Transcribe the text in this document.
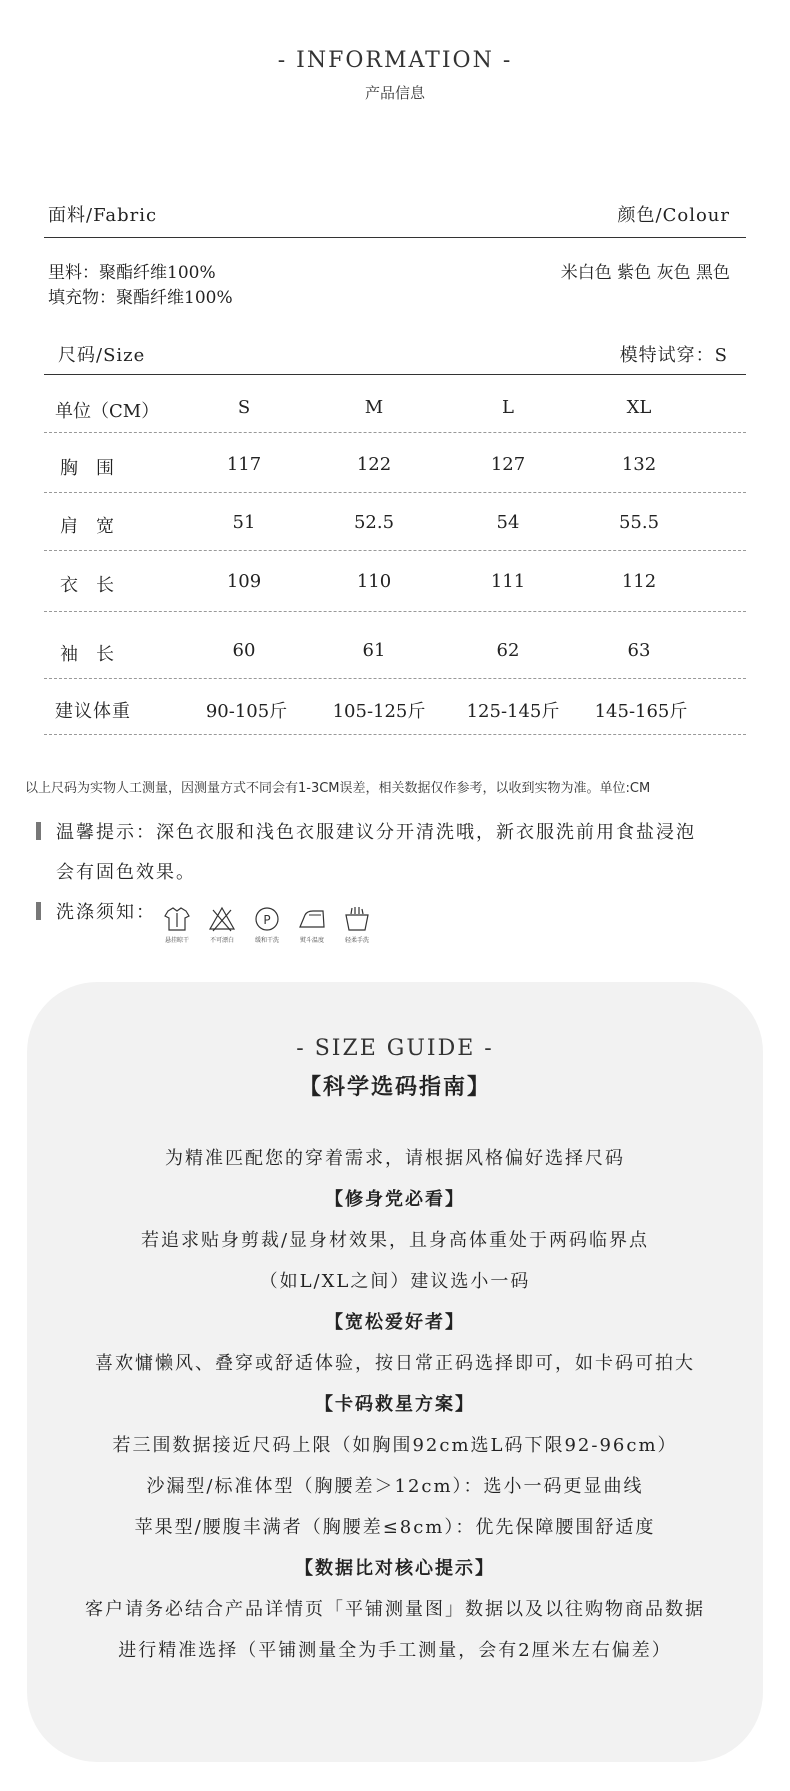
- INFORMATION -
产品信息
面料/Fabric	颜色/Colour
里料：聚酯纤维100%
填充物：聚酯纤维100%
米白色 紫色 灰色 黑色
尺码/Size	模特试穿：S
单位（CM）	S	M	L	XL
胸　围	117	122	127	132
肩　宽	51	52.5	54	55.5
衣　长	109	110	111	112
袖　长	60	61	62	63
建议体重	90-105斤	105-125斤	125-145斤	145-165斤
以上尺码为实物人工测量，因测量方式不同会有1-3CM误差，相关数据仅作参考，以收到实物为准。单位:CM
温馨提示：深色衣服和浅色衣服建议分开清洗哦，新衣服洗前用食盐浸泡
会有固色效果。
洗涤须知：
悬挂晾干	不可漂白
P
缓和干洗	熨斗温度	轻柔手洗
- SIZE GUIDE -
【科学选码指南】
为精准匹配您的穿着需求，请根据风格偏好选择尺码
【修身党必看】
若追求贴身剪裁/显身材效果，且身高体重处于两码临界点
（如L/XL之间）建议选小一码
【宽松爱好者】
喜欢慵懒风、叠穿或舒适体验，按日常正码选择即可，如卡码可拍大
【卡码救星方案】
若三围数据接近尺码上限（如胸围92cm选L码下限92-96cm）
沙漏型/标准体型（胸腰差＞12cm）：选小一码更显曲线
苹果型/腰腹丰满者（胸腰差≤8cm）：优先保障腰围舒适度
【数据比对核心提示】
客户请务必结合产品详情页「平铺测量图」数据以及以往购物商品数据
进行精准选择（平铺测量全为手工测量，会有2厘米左右偏差）
